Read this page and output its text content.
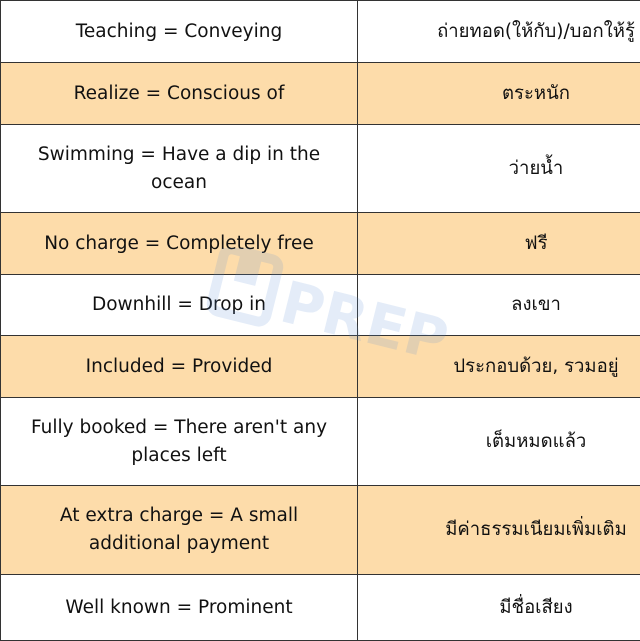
Teaching = Conveying	ถ่ายทอด(ให้กับ)/บอกให้รู้
Realize = Conscious of	ตระหนัก
Swimming = Have a dip in the ocean	ว่ายน้ำ
No charge = Completely free	ฟรี
Downhill = Drop in	ลงเขา
Included = Provided	ประกอบด้วย, รวมอยู่
Fully booked = There aren't any places left	เต็มหมดแล้ว
At extra charge = A small additional payment	มีค่าธรรมเนียมเพิ่มเติม
Well known = Prominent	มีชื่อเสียง
